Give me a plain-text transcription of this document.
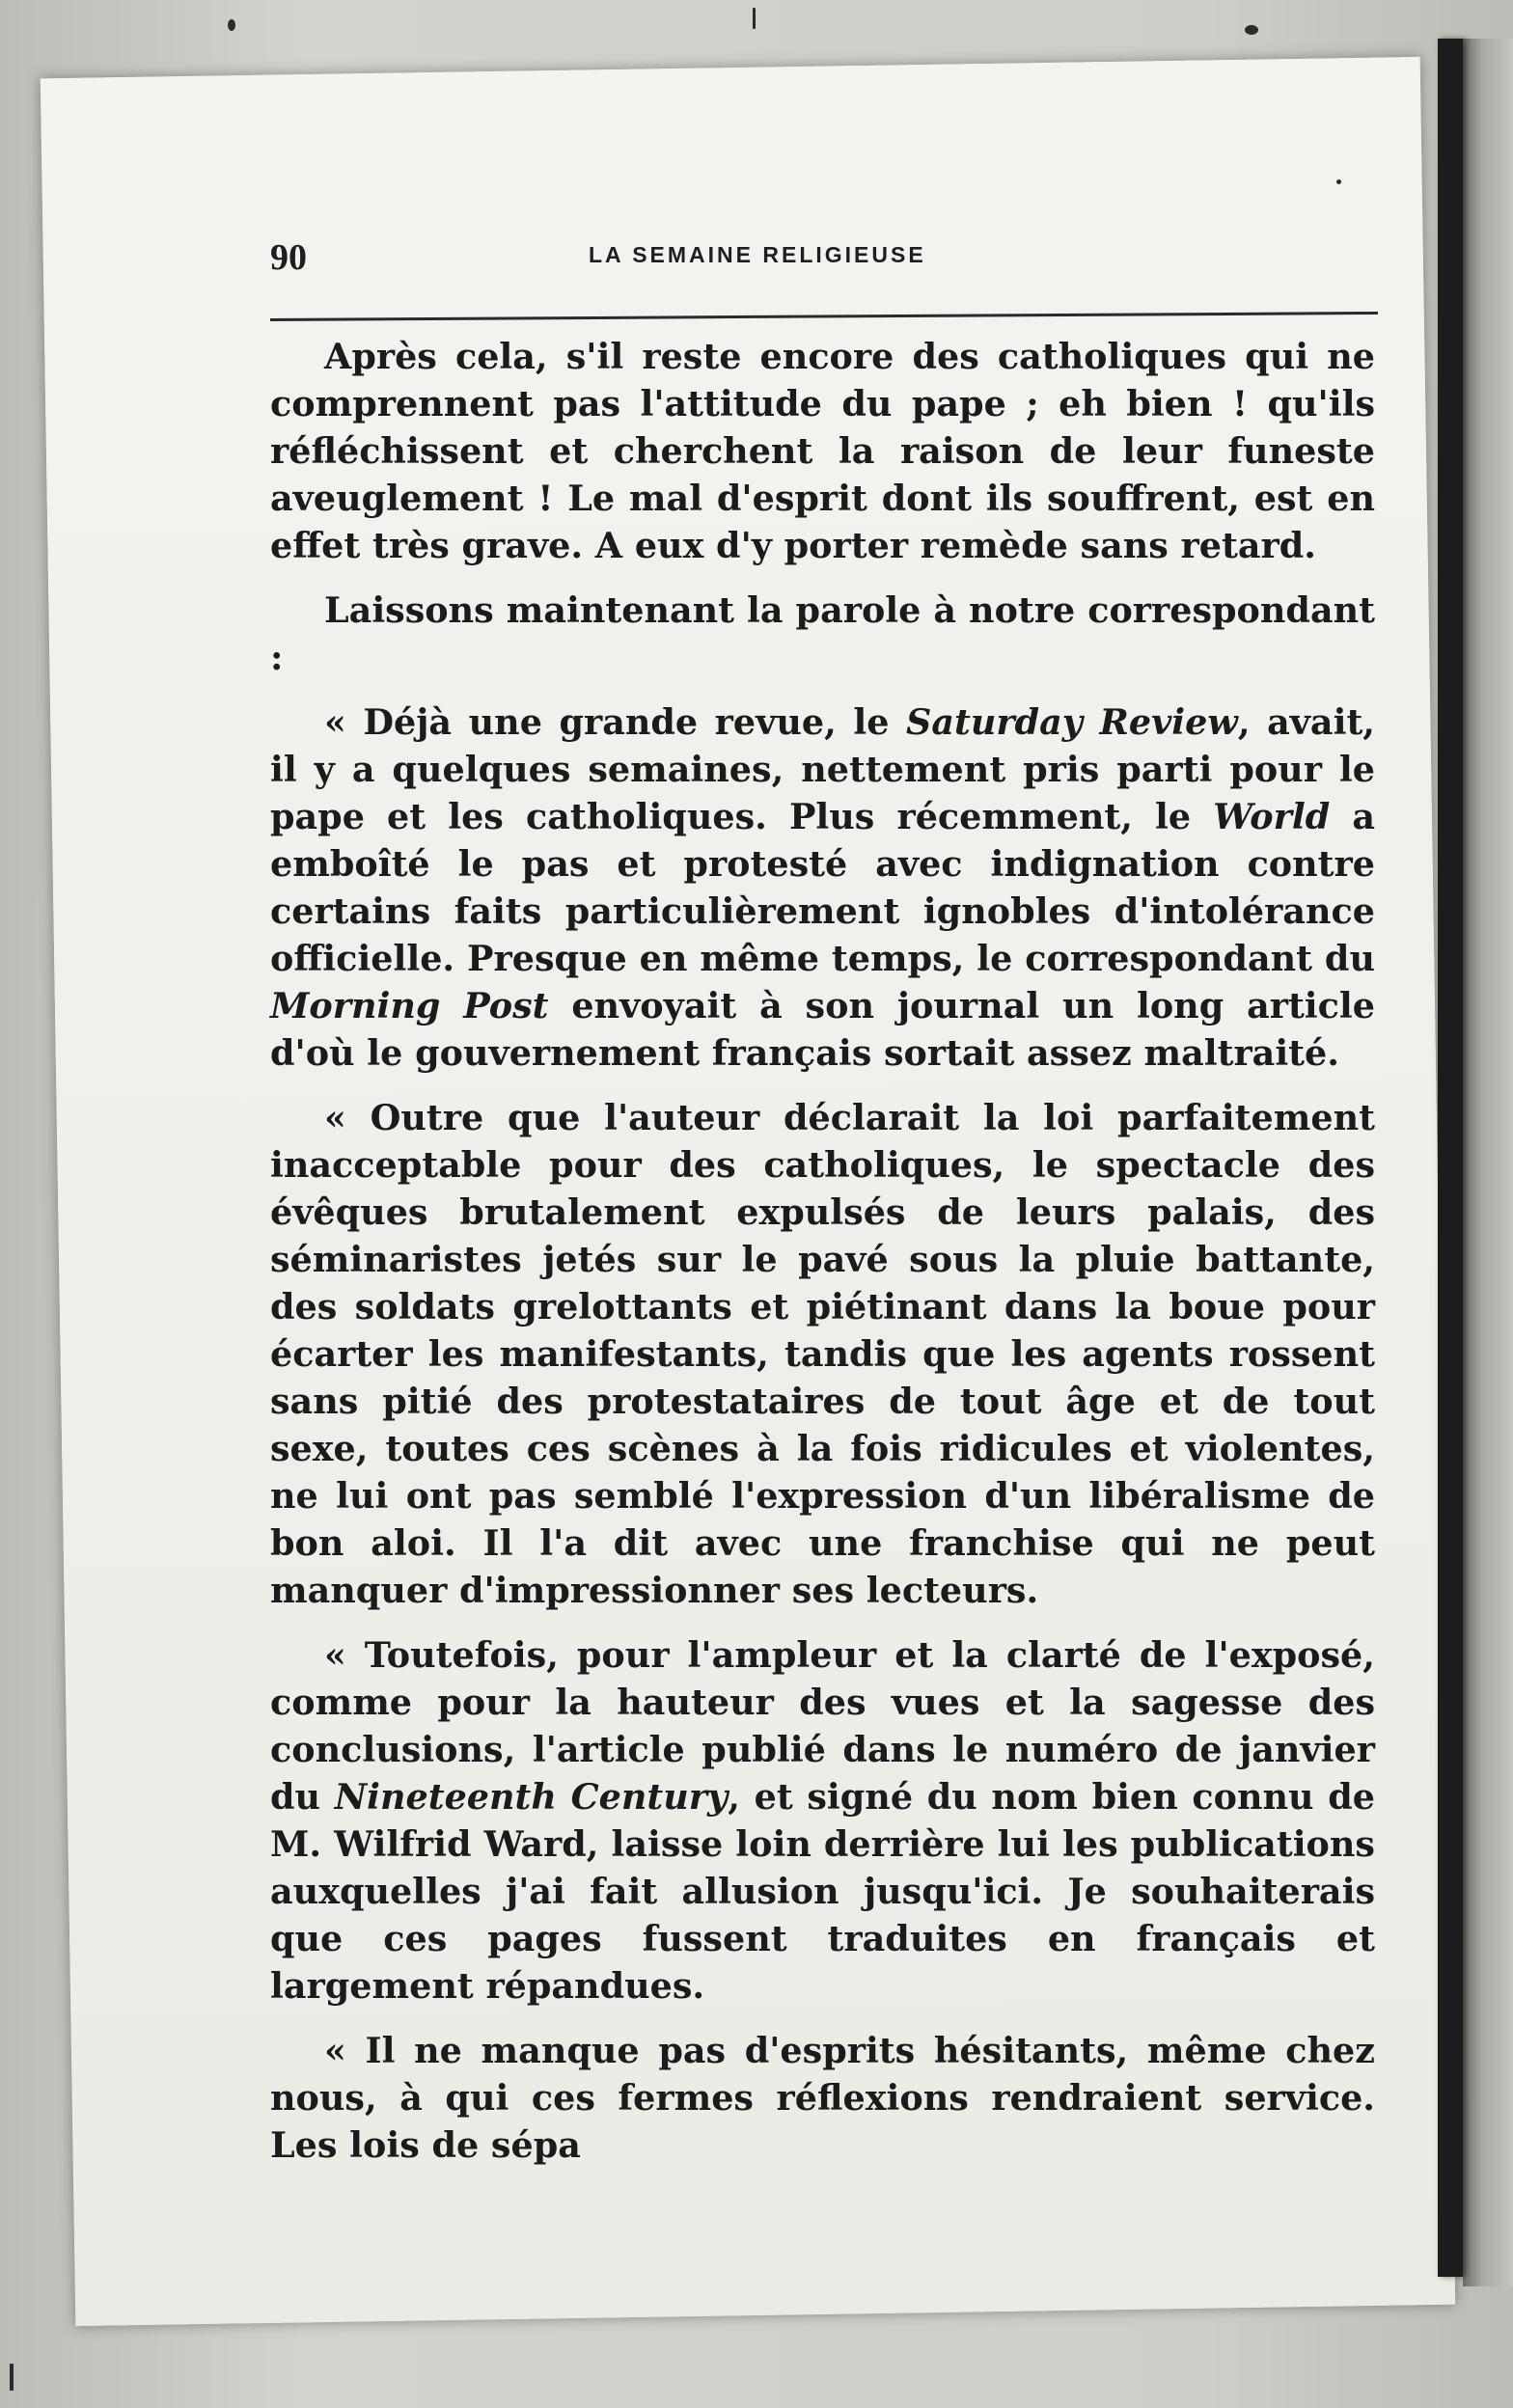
90	LA SEMAINE RELIGIEUSE

Après cela, s'il reste encore des catholiques qui ne comprennent pas l'attitude du pape ; eh bien ! qu'ils réfléchissent et cherchent la raison de leur funeste aveuglement ! Le mal d'esprit dont ils souffrent, est en effet très grave. A eux d'y porter remède sans retard.

Laissons maintenant la parole à notre correspondant :

« Déjà une grande revue, le Saturday Review, avait, il y a quelques semaines, nettement pris parti pour le pape et les catholiques. Plus récemment, le World a emboîté le pas et protesté avec indignation contre certains faits particulièrement ignobles d'intolérance officielle. Presque en même temps, le correspondant du Morning Post envoyait à son journal un long article d'où le gouvernement français sortait assez maltraité.

« Outre que l'auteur déclarait la loi parfaitement inacceptable pour des catholiques, le spectacle des évêques brutalement expulsés de leurs palais, des séminaristes jetés sur le pavé sous la pluie battante, des soldats grelottants et piétinant dans la boue pour écarter les manifestants, tandis que les agents rossent sans pitié des protestataires de tout âge et de tout sexe, toutes ces scènes à la fois ridicules et violentes, ne lui ont pas semblé l'expression d'un libéralisme de bon aloi. Il l'a dit avec une franchise qui ne peut manquer d'impressionner ses lecteurs.

« Toutefois, pour l'ampleur et la clarté de l'exposé, comme pour la hauteur des vues et la sagesse des conclusions, l'article publié dans le numéro de janvier du Nineteenth Century, et signé du nom bien connu de M. Wilfrid Ward, laisse loin derrière lui les publications auxquelles j'ai fait allusion jusqu'ici. Je souhaiterais que ces pages fussent traduites en français et largement répandues.

« Il ne manque pas d'esprits hésitants, même chez nous, à qui ces fermes réflexions rendraient service. Les lois de sépa
